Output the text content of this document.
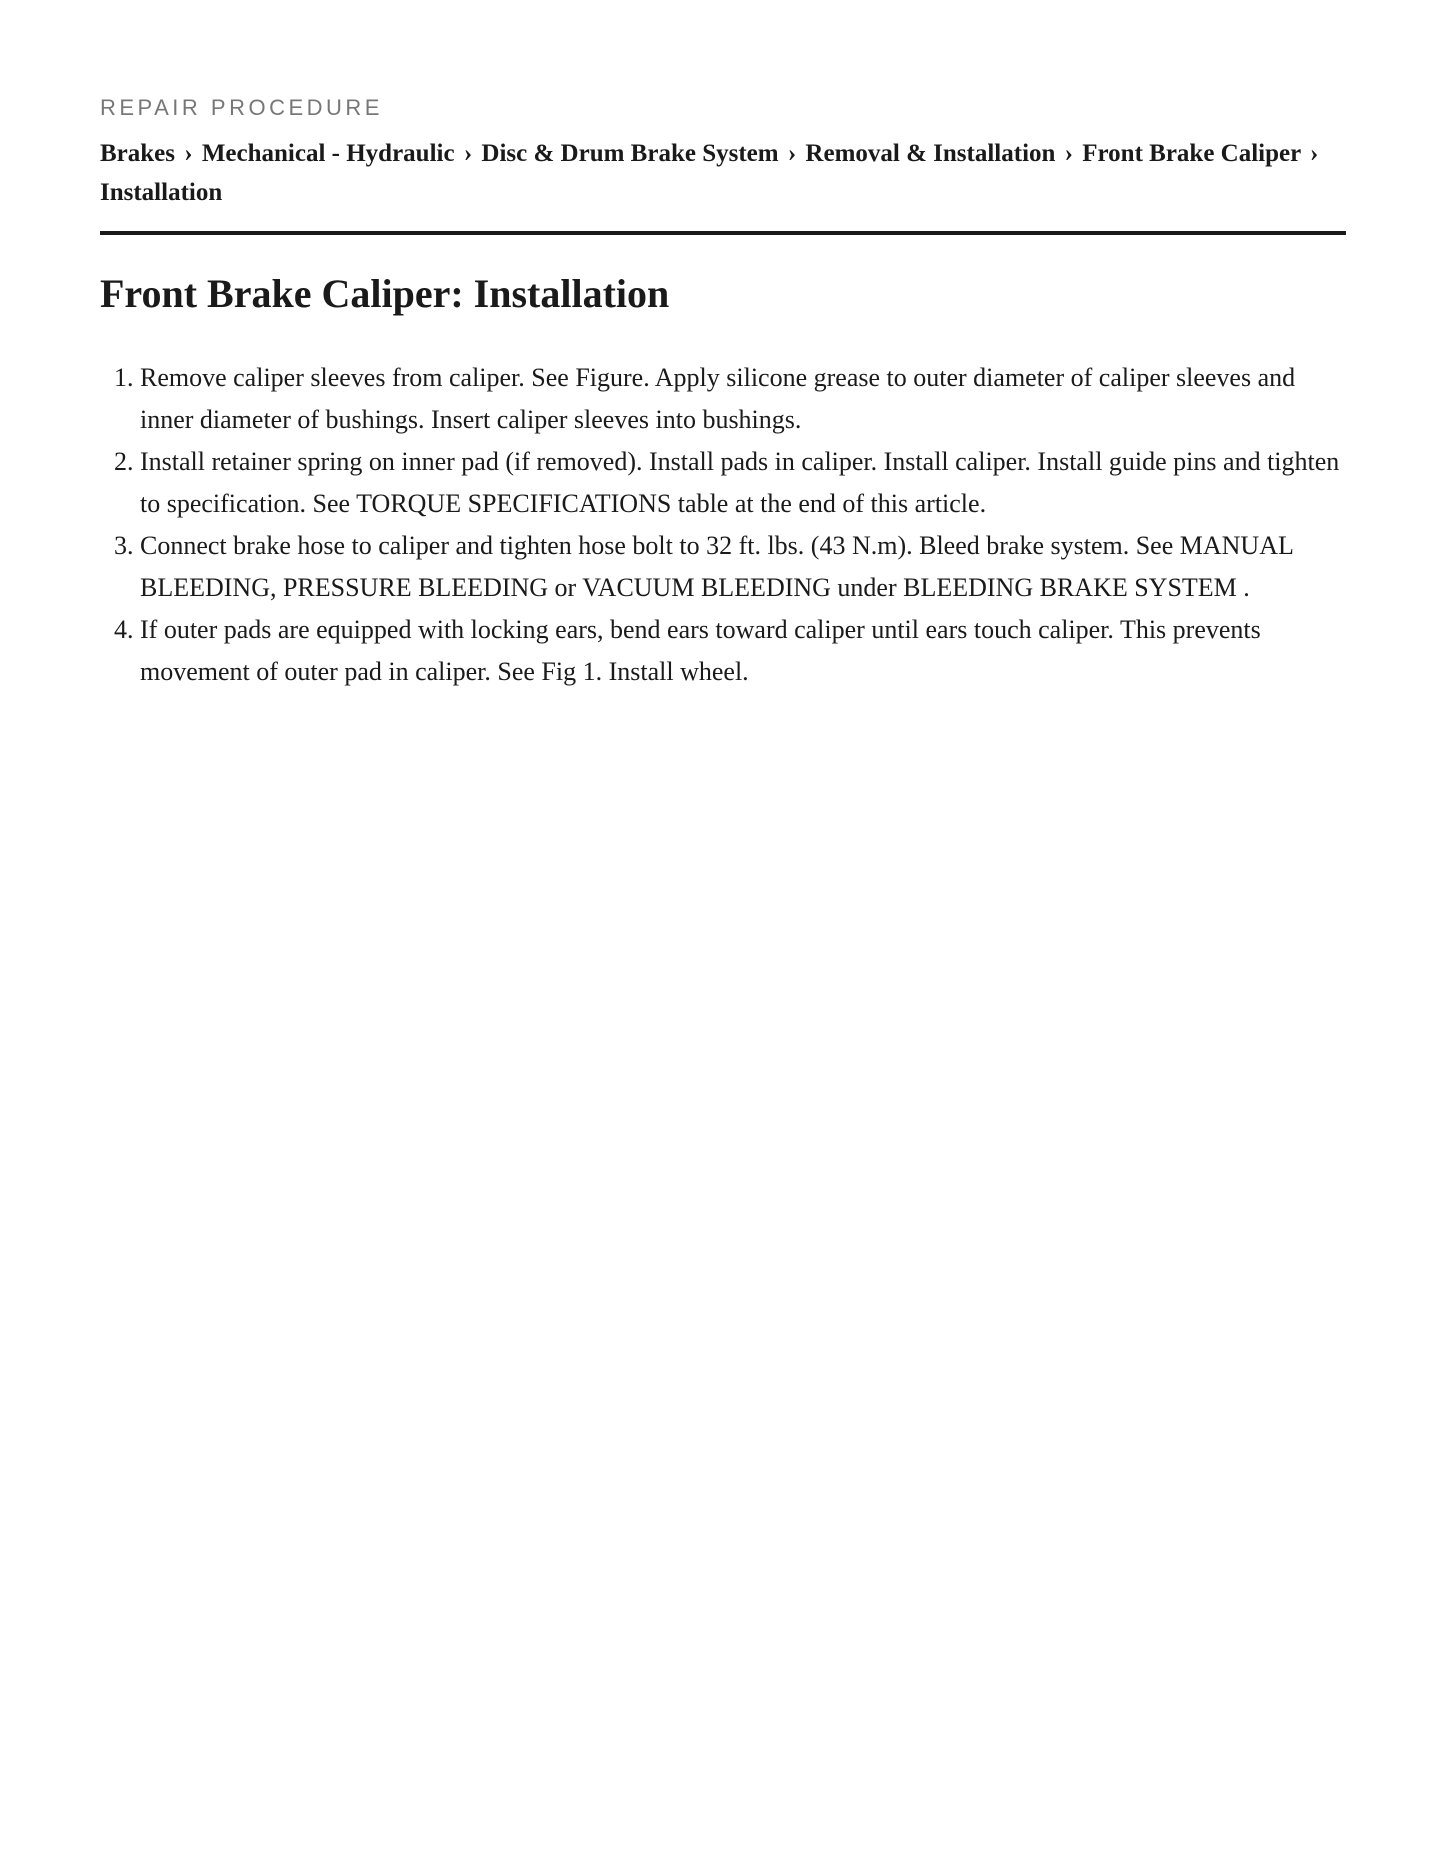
REPAIR PROCEDURE
Brakes › Mechanical - Hydraulic › Disc & Drum Brake System › Removal & Installation › Front Brake Caliper › Installation
Front Brake Caliper: Installation
1. Remove caliper sleeves from caliper. See Figure. Apply silicone grease to outer diameter of caliper sleeves and inner diameter of bushings. Insert caliper sleeves into bushings.
2. Install retainer spring on inner pad (if removed). Install pads in caliper. Install caliper. Install guide pins and tighten to specification. See TORQUE SPECIFICATIONS table at the end of this article.
3. Connect brake hose to caliper and tighten hose bolt to 32 ft. lbs. (43 N.m). Bleed brake system. See MANUAL BLEEDING, PRESSURE BLEEDING or VACUUM BLEEDING under BLEEDING BRAKE SYSTEM .
4. If outer pads are equipped with locking ears, bend ears toward caliper until ears touch caliper. This prevents movement of outer pad in caliper. See Fig 1. Install wheel.
